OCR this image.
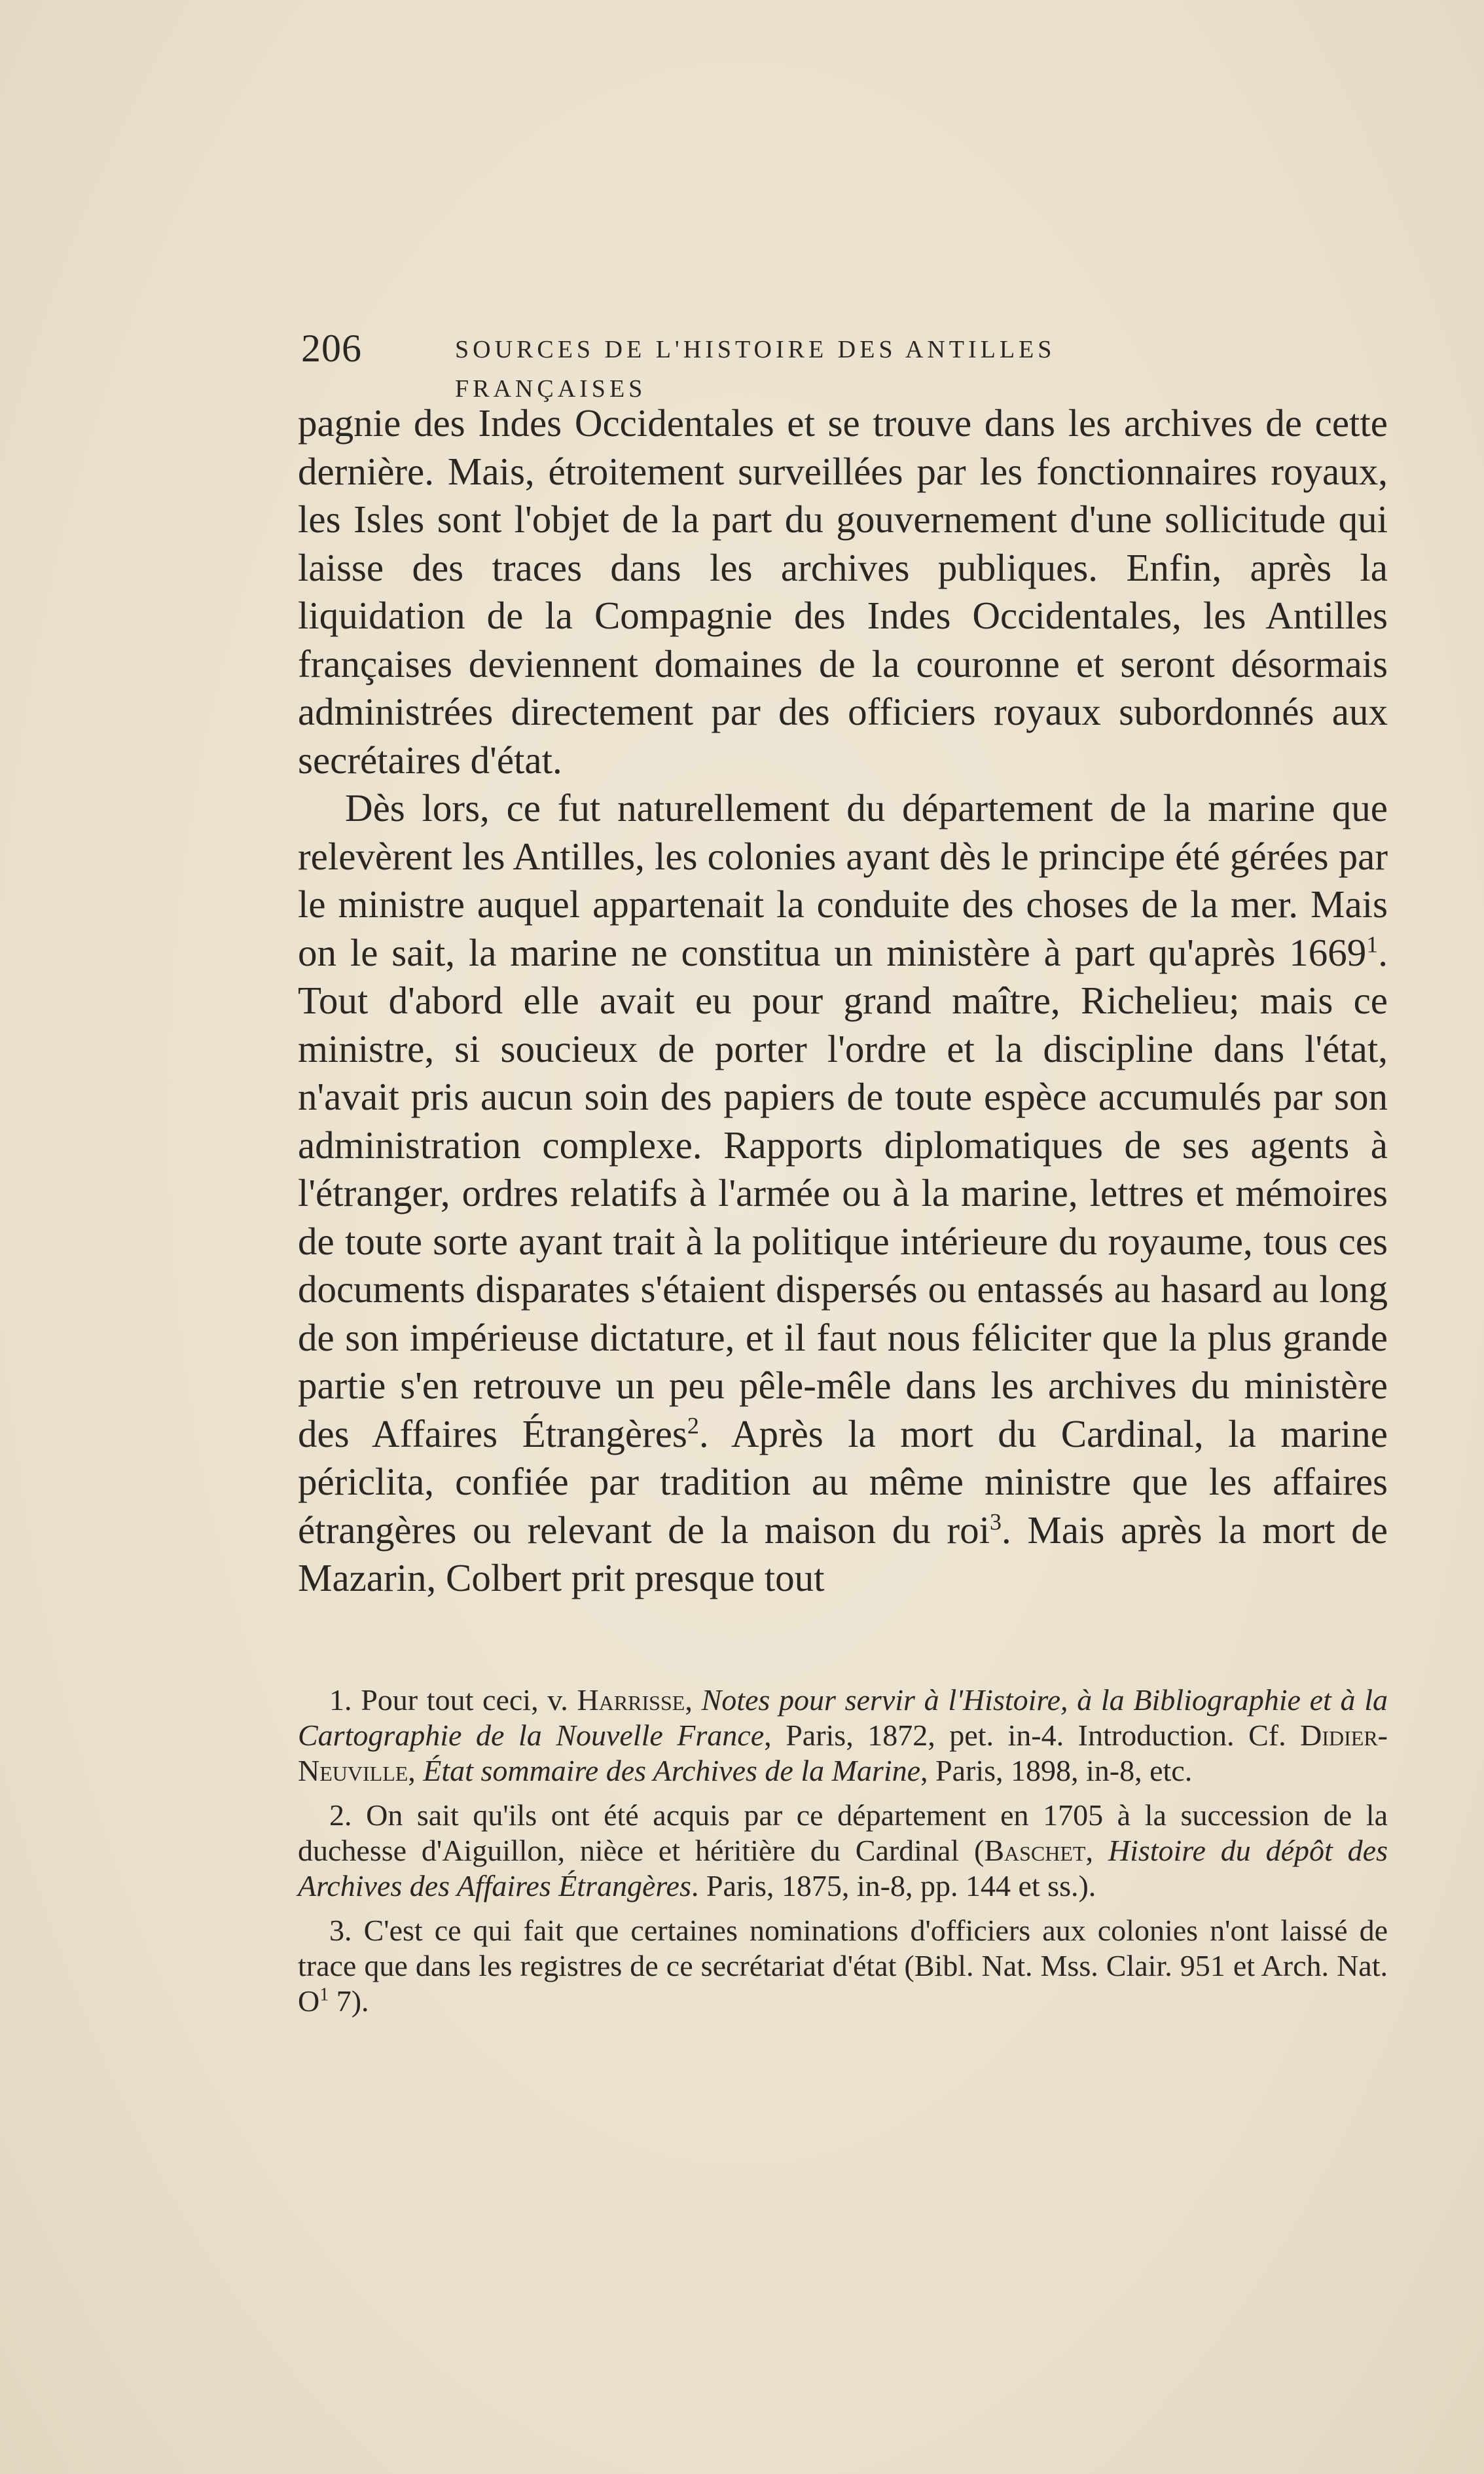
206	SOURCES DE L'HISTOIRE DES ANTILLES FRANÇAISES

pagnie des Indes Occidentales et se trouve dans les archives de cette dernière. Mais, étroitement surveillées par les fonctionnaires royaux, les Isles sont l'objet de la part du gouvernement d'une sollicitude qui laisse des traces dans les archives publiques. Enfin, après la liquidation de la Compagnie des Indes Occidentales, les Antilles françaises deviennent domaines de la couronne et seront désormais administrées directement par des officiers royaux subordonnés aux secrétaires d'état.

Dès lors, ce fut naturellement du département de la marine que relevèrent les Antilles, les colonies ayant dès le principe été gérées par le ministre auquel appartenait la conduite des choses de la mer. Mais on le sait, la marine ne constitua un ministère à part qu'après 1669$^1$. Tout d'abord elle avait eu pour grand maître, Richelieu; mais ce ministre, si soucieux de porter l'ordre et la discipline dans l'état, n'avait pris aucun soin des papiers de toute espèce accumulés par son administration complexe. Rapports diplomatiques de ses agents à l'étranger, ordres relatifs à l'armée ou à la marine, lettres et mémoires de toute sorte ayant trait à la politique intérieure du royaume, tous ces documents disparates s'étaient dispersés ou entassés au hasard au long de son impérieuse dictature, et il faut nous féliciter que la plus grande partie s'en retrouve un peu pêle-mêle dans les archives du ministère des Affaires Étrangères$^2$. Après la mort du Cardinal, la marine périclita, confiée par tradition au même ministre que les affaires étrangères ou relevant de la maison du roi$^3$. Mais après la mort de Mazarin, Colbert prit presque tout

1. Pour tout ceci, v. Harrisse, Notes pour servir à l'Histoire, à la Bibliographie et à la Cartographie de la Nouvelle France, Paris, 1872, pet. in-4. Introduction. Cf. Didier-Neuville, État sommaire des Archives de la Marine, Paris, 1898, in-8, etc.

2. On sait qu'ils ont été acquis par ce département en 1705 à la succession de la duchesse d'Aiguillon, nièce et héritière du Cardinal (Baschet, Histoire du dépôt des Archives des Affaires Étrangères. Paris, 1875, in-8, pp. 144 et ss.).

3. C'est ce qui fait que certaines nominations d'officiers aux colonies n'ont laissé de trace que dans les registres de ce secrétariat d'état (Bibl. Nat. Mss. Clair. 951 et Arch. Nat. $O^1$ 7).
